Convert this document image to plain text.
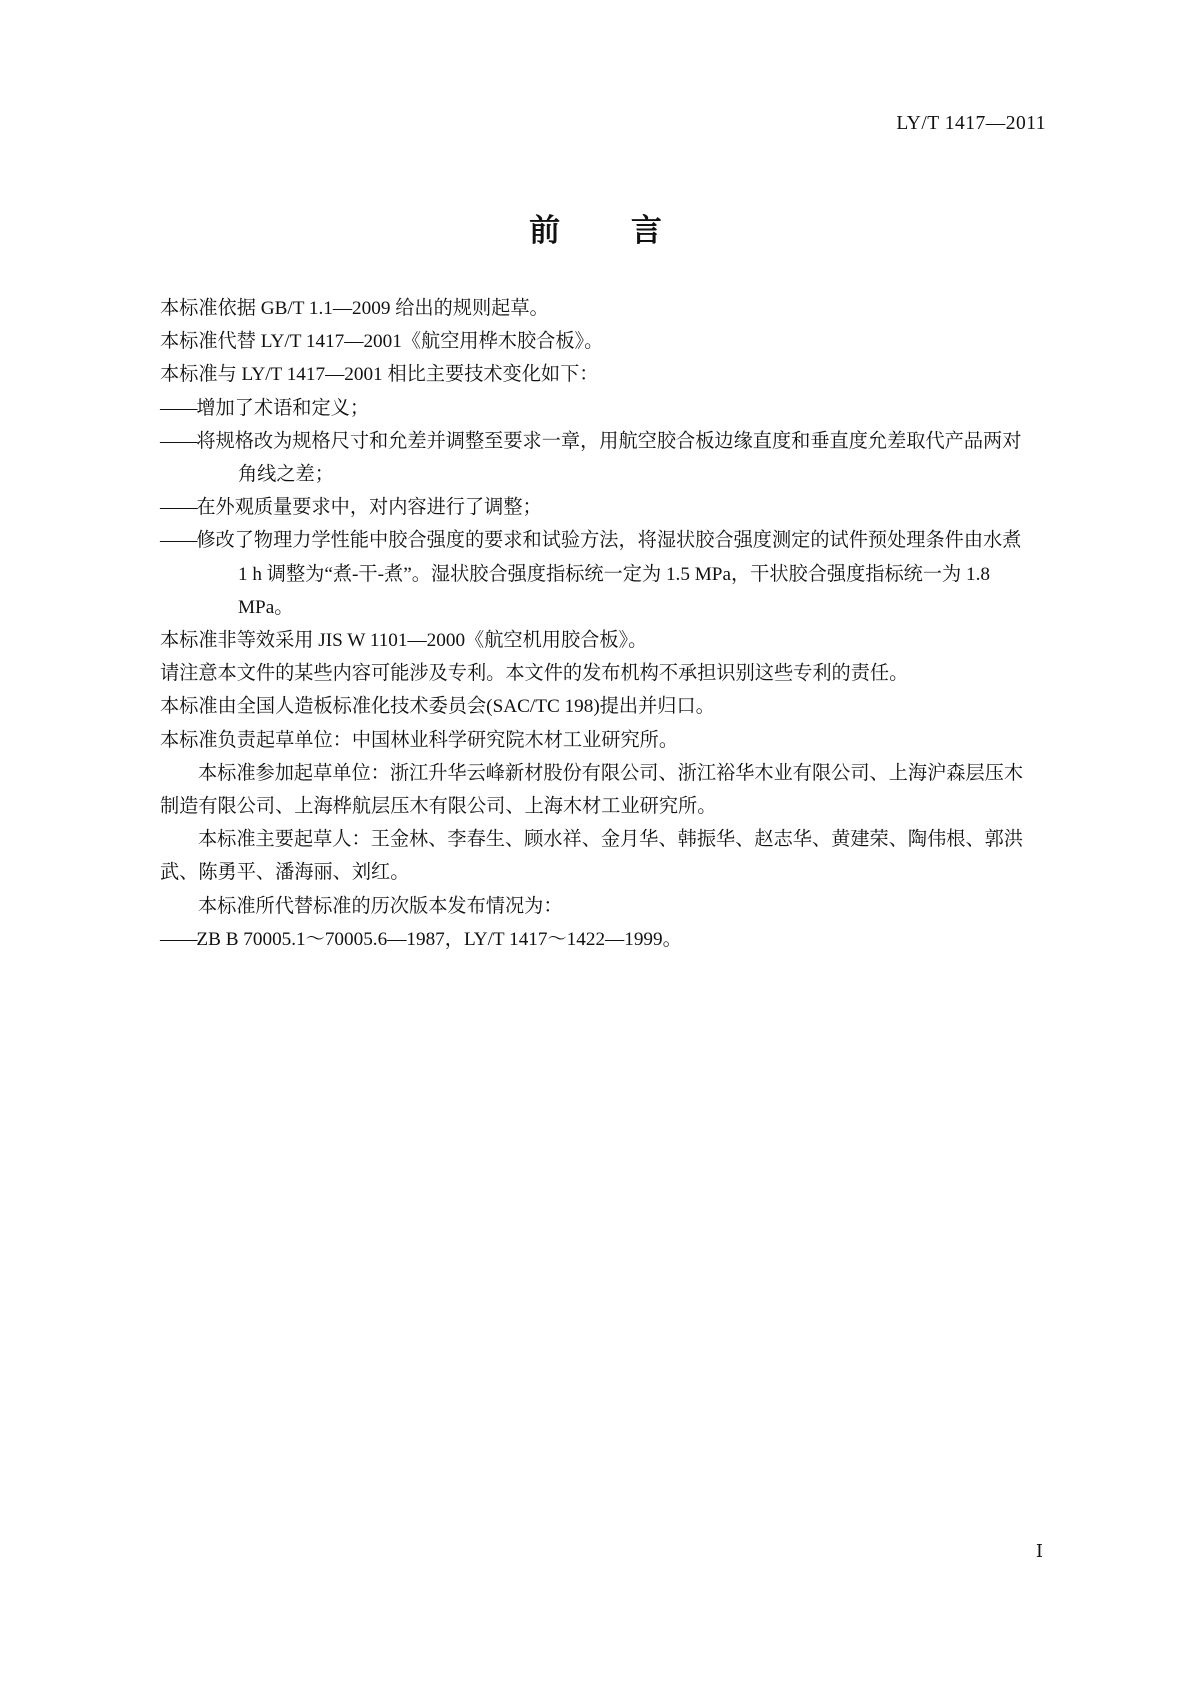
LY/T 1417—2011
前 言

本标准依据 GB/T 1.1—2009 给出的规则起草。

本标准代替 LY/T 1417—2001《航空用桦木胶合板》。

本标准与 LY/T 1417—2001 相比主要技术变化如下：

——增加了术语和定义；

——将规格改为规格尺寸和允差并调整至要求一章，用航空胶合板边缘直度和垂直度允差取代产品两对角线之差；

——在外观质量要求中，对内容进行了调整；

——修改了物理力学性能中胶合强度的要求和试验方法，将湿状胶合强度测定的试件预处理条件由水煮 1 h 调整为“煮-干-煮”。湿状胶合强度指标统一定为 1.5 MPa，干状胶合强度指标统一为 1.8 MPa。

本标准非等效采用 JIS W 1101—2000《航空机用胶合板》。

请注意本文件的某些内容可能涉及专利。本文件的发布机构不承担识别这些专利的责任。

本标准由全国人造板标准化技术委员会(SAC/TC 198)提出并归口。

本标准负责起草单位：中国林业科学研究院木材工业研究所。

本标准参加起草单位：浙江升华云峰新材股份有限公司、浙江裕华木业有限公司、上海沪森层压木制造有限公司、上海桦航层压木有限公司、上海木材工业研究所。

本标准主要起草人：王金林、李春生、顾水祥、金月华、韩振华、赵志华、黄建荣、陶伟根、郭洪武、陈勇平、潘海丽、刘红。

本标准所代替标准的历次版本发布情况为：

——ZB B 70005.1～70005.6—1987，LY/T 1417～1422—1999。

Ⅰ
